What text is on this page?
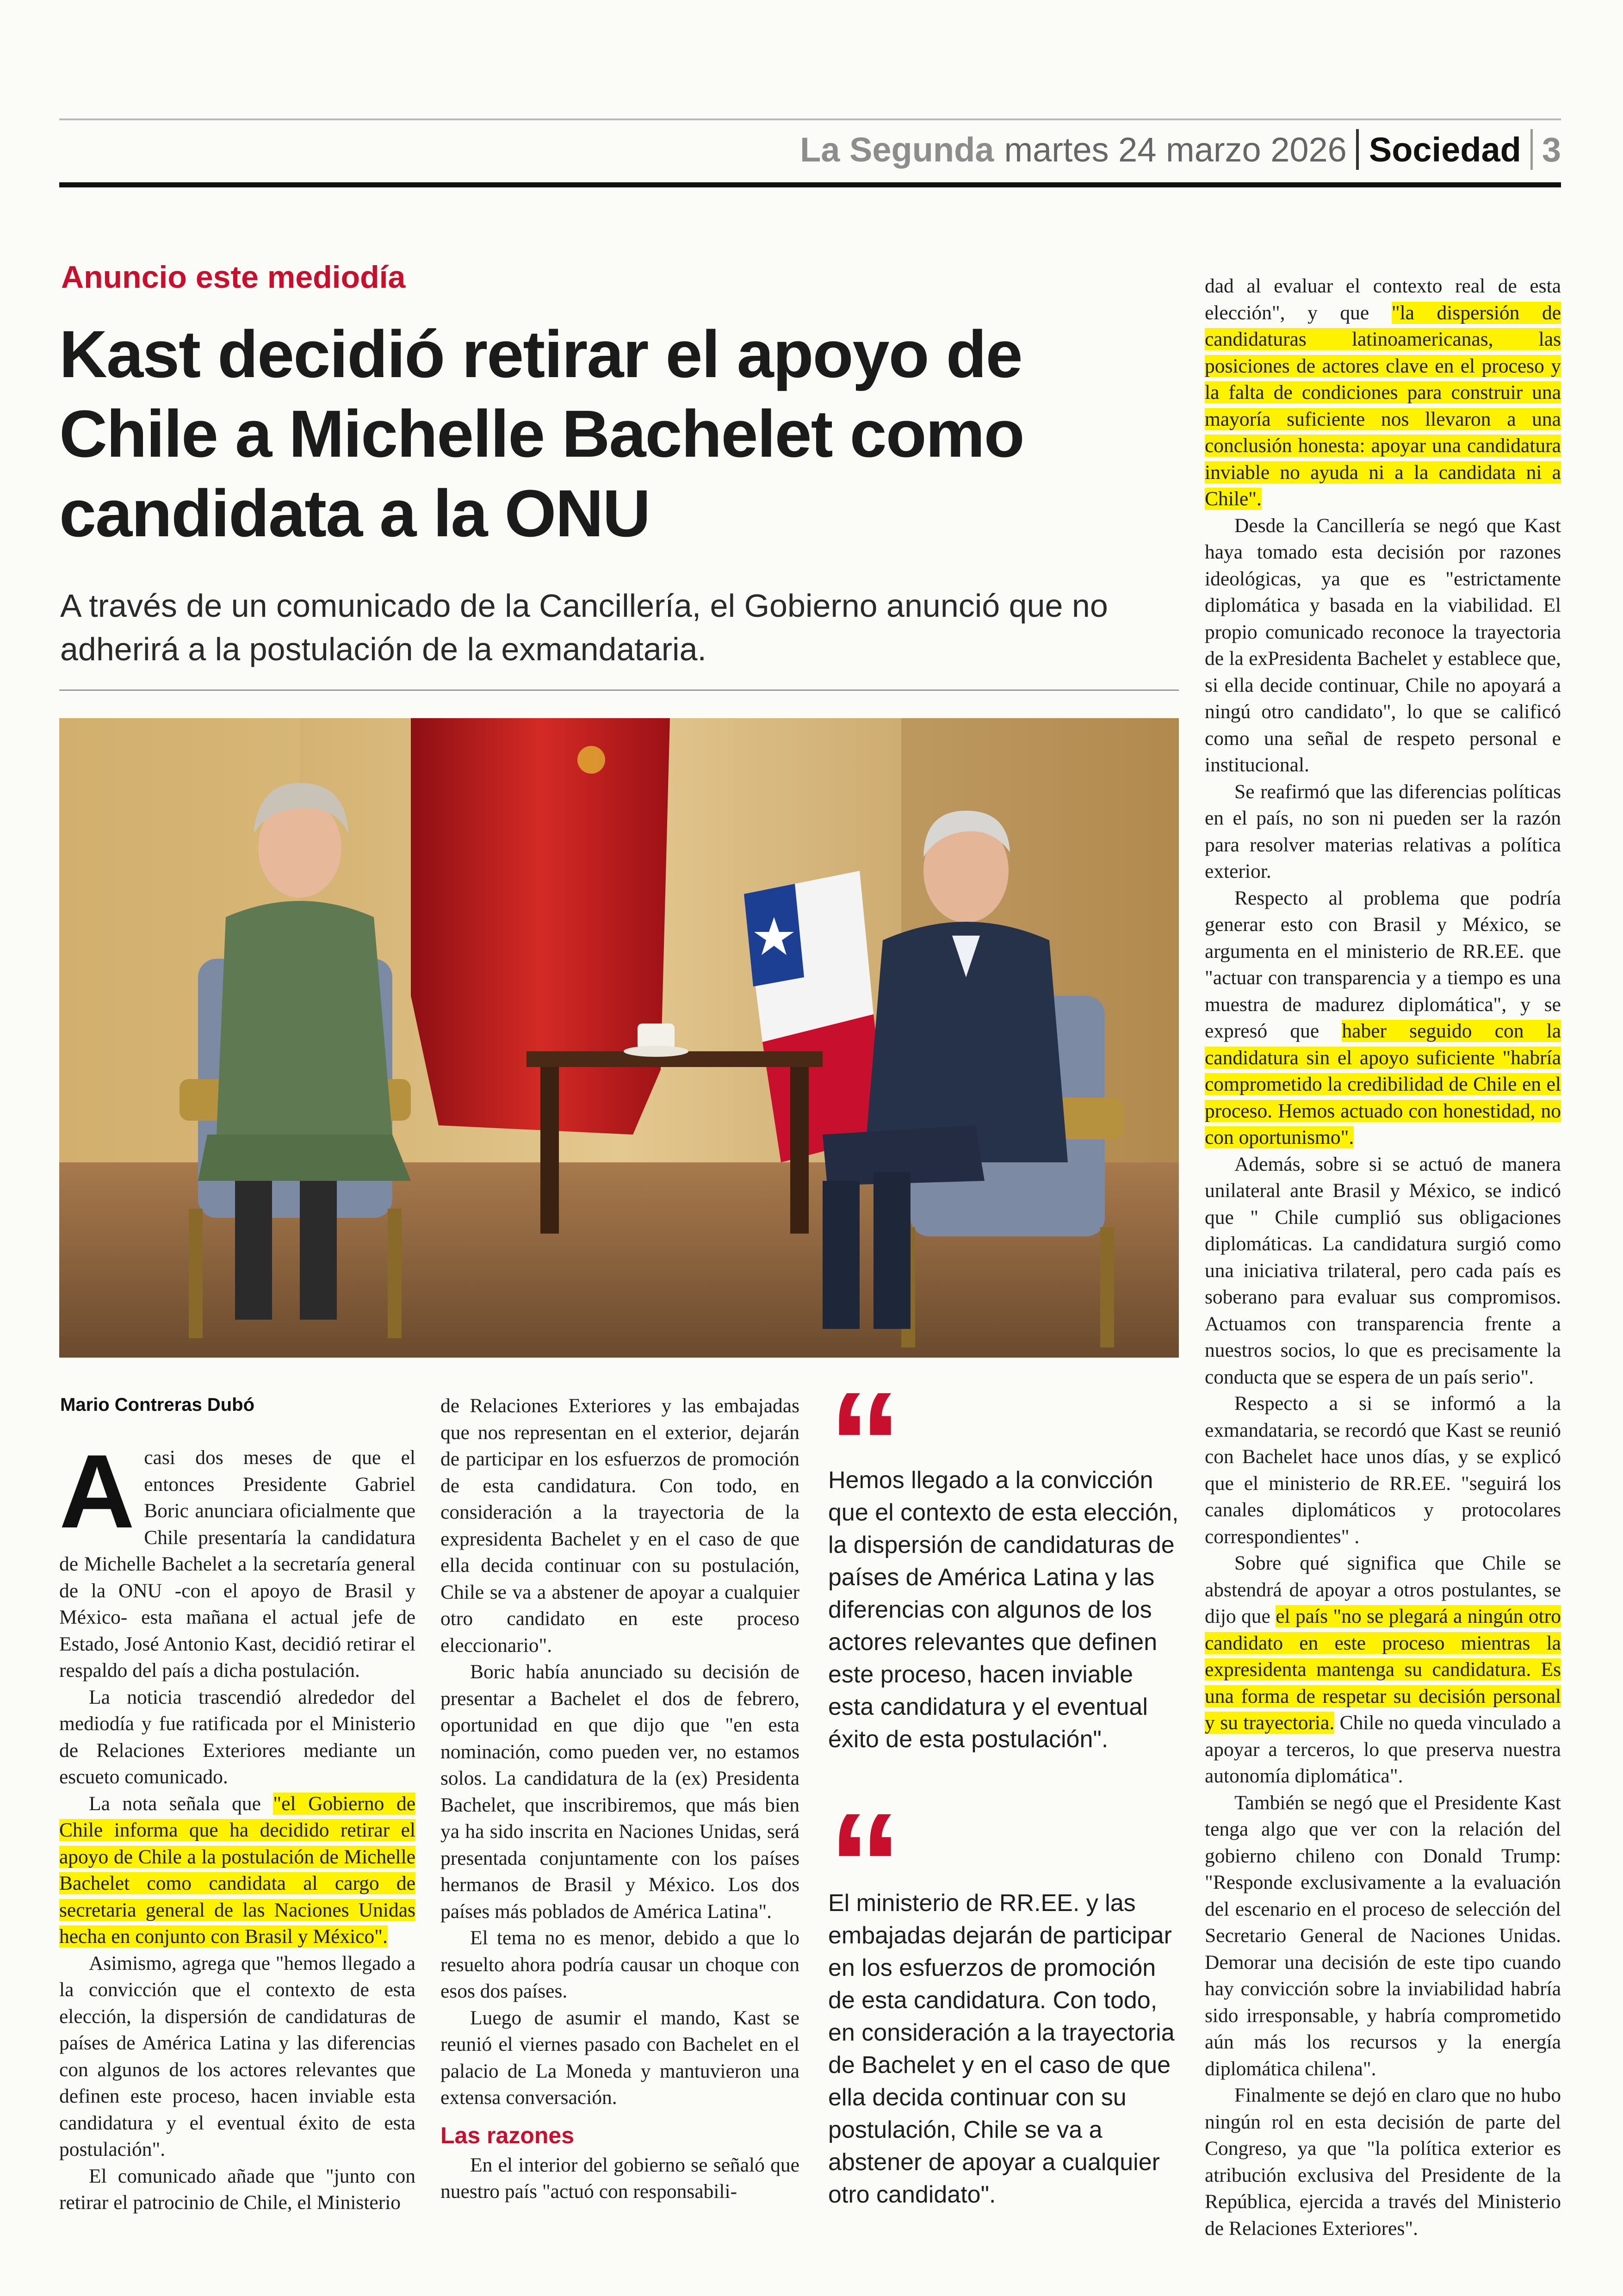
La Segunda martes 24 marzo 2026 Sociedad 3
Anuncio este mediodía
Kast decidió retirar el apoyo de Chile a Michelle Bachelet como candidata a la ONU
A través de un comunicado de la Cancillería, el Gobierno anunció que no adherirá a la postulación de la exmandataria.
Mario Contreras Dubó
A casi dos meses de que el entonces Presidente Gabriel Boric anunciara oficialmente que Chile presentaría la candidatura de Michelle Bachelet a la secretaría general de la ONU -con el apoyo de Brasil y México- esta mañana el actual jefe de Estado, José Antonio Kast, decidió retirar el respaldo del país a dicha postulación.

La noticia trascendió alrededor del mediodía y fue ratificada por el Ministerio de Relaciones Exteriores mediante un escueto comunicado.

La nota señala que "el Gobierno de Chile informa que ha decidido retirar el apoyo de Chile a la postulación de Michelle Bachelet como candidata al cargo de secretaria general de las Naciones Unidas hecha en conjunto con Brasil y México".

Asimismo, agrega que "hemos llegado a la convicción que el contexto de esta elección, la dispersión de candidaturas de países de América Latina y las diferencias con algunos de los actores relevantes que definen este proceso, hacen inviable esta candidatura y el eventual éxito de esta postulación".

El comunicado añade que "junto con retirar el patrocinio de Chile, el Ministerio

de Relaciones Exteriores y las embajadas que nos representan en el exterior, dejarán de participar en los esfuerzos de promoción de esta candidatura. Con todo, en consideración a la trayectoria de la expresidenta Bachelet y en el caso de que ella decida continuar con su postulación, Chile se va a abstener de apoyar a cualquier otro candidato en este proceso eleccionario".

Boric había anunciado su decisión de presentar a Bachelet el dos de febrero, oportunidad en que dijo que "en esta nominación, como pueden ver, no estamos solos. La candidatura de la (ex) Presidenta Bachelet, que inscribiremos, que más bien ya ha sido inscrita en Naciones Unidas, será presentada conjuntamente con los países hermanos de Brasil y México. Los dos países más poblados de América Latina".

El tema no es menor, debido a que lo resuelto ahora podría causar un choque con esos dos países.

Luego de asumir el mando, Kast se reunió el viernes pasado con Bachelet en el palacio de La Moneda y mantuvieron una extensa conversación.

Las razones

En el interior del gobierno se señaló que nuestro país "actuó con responsabili-

“
Hemos llegado a la convicción que el contexto de esta elección, la dispersión de candidaturas de países de América Latina y las diferencias con algunos de los actores relevantes que definen este proceso, hacen inviable esta candidatura y el eventual éxito de esta postulación".
“
El ministerio de RR.EE. y las embajadas dejarán de participar en los esfuerzos de promoción de esta candidatura. Con todo, en consideración a la trayectoria de Bachelet y en el caso de que ella decida continuar con su postulación, Chile se va a abstener de apoyar a cualquier otro candidato".

dad al evaluar el contexto real de esta elección", y que "la dispersión de candidaturas latinoamericanas, las posiciones de actores clave en el proceso y la falta de condiciones para construir una mayoría suficiente nos llevaron a una conclusión honesta: apoyar una candidatura inviable no ayuda ni a la candidata ni a Chile".

Desde la Cancillería se negó que Kast haya tomado esta decisión por razones ideológicas, ya que es "estrictamente diplomática y basada en la viabilidad. El propio comunicado reconoce la trayectoria de la exPresidenta Bachelet y establece que, si ella decide continuar, Chile no apoyará a ningú otro candidato", lo que se calificó como una señal de respeto personal e institucional.

Se reafirmó que las diferencias políticas en el país, no son ni pueden ser la razón para resolver materias relativas a política exterior.

Respecto al problema que podría generar esto con Brasil y México, se argumenta en el ministerio de RR.EE. que "actuar con transparencia y a tiempo es una muestra de madurez diplomática", y se expresó que haber seguido con la candidatura sin el apoyo suficiente "habría comprometido la credibilidad de Chile en el proceso. Hemos actuado con honestidad, no con oportunismo".

Además, sobre si se actuó de manera unilateral ante Brasil y México, se indicó que " Chile cumplió sus obligaciones diplomáticas. La candidatura surgió como una iniciativa trilateral, pero cada país es soberano para evaluar sus compromisos. Actuamos con transparencia frente a nuestros socios, lo que es precisamente la conducta que se espera de un país serio".

Respecto a si se informó a la exmandataria, se recordó que Kast se reunió con Bachelet hace unos días, y se explicó que el ministerio de RR.EE. "seguirá los canales diplomáticos y protocolares correspondientes" .

Sobre qué significa que Chile se abstendrá de apoyar a otros postulantes, se dijo que el país "no se plegará a ningún otro candidato en este proceso mientras la expresidenta mantenga su candidatura. Es una forma de respetar su decisión personal y su trayectoria. Chile no queda vinculado a apoyar a terceros, lo que preserva nuestra autonomía diplomática".

También se negó que el Presidente Kast tenga algo que ver con la relación del gobierno chileno con Donald Trump: "Responde exclusivamente a la evaluación del escenario en el proceso de selección del Secretario General de Naciones Unidas. Demorar una decisión de este tipo cuando hay convicción sobre la inviabilidad habría sido irresponsable, y habría comprometido aún más los recursos y la energía diplomática chilena".

Finalmente se dejó en claro que no hubo ningún rol en esta decisión de parte del Congreso, ya que "la política exterior es atribución exclusiva del Presidente de la República, ejercida a través del Ministerio de Relaciones Exteriores".
